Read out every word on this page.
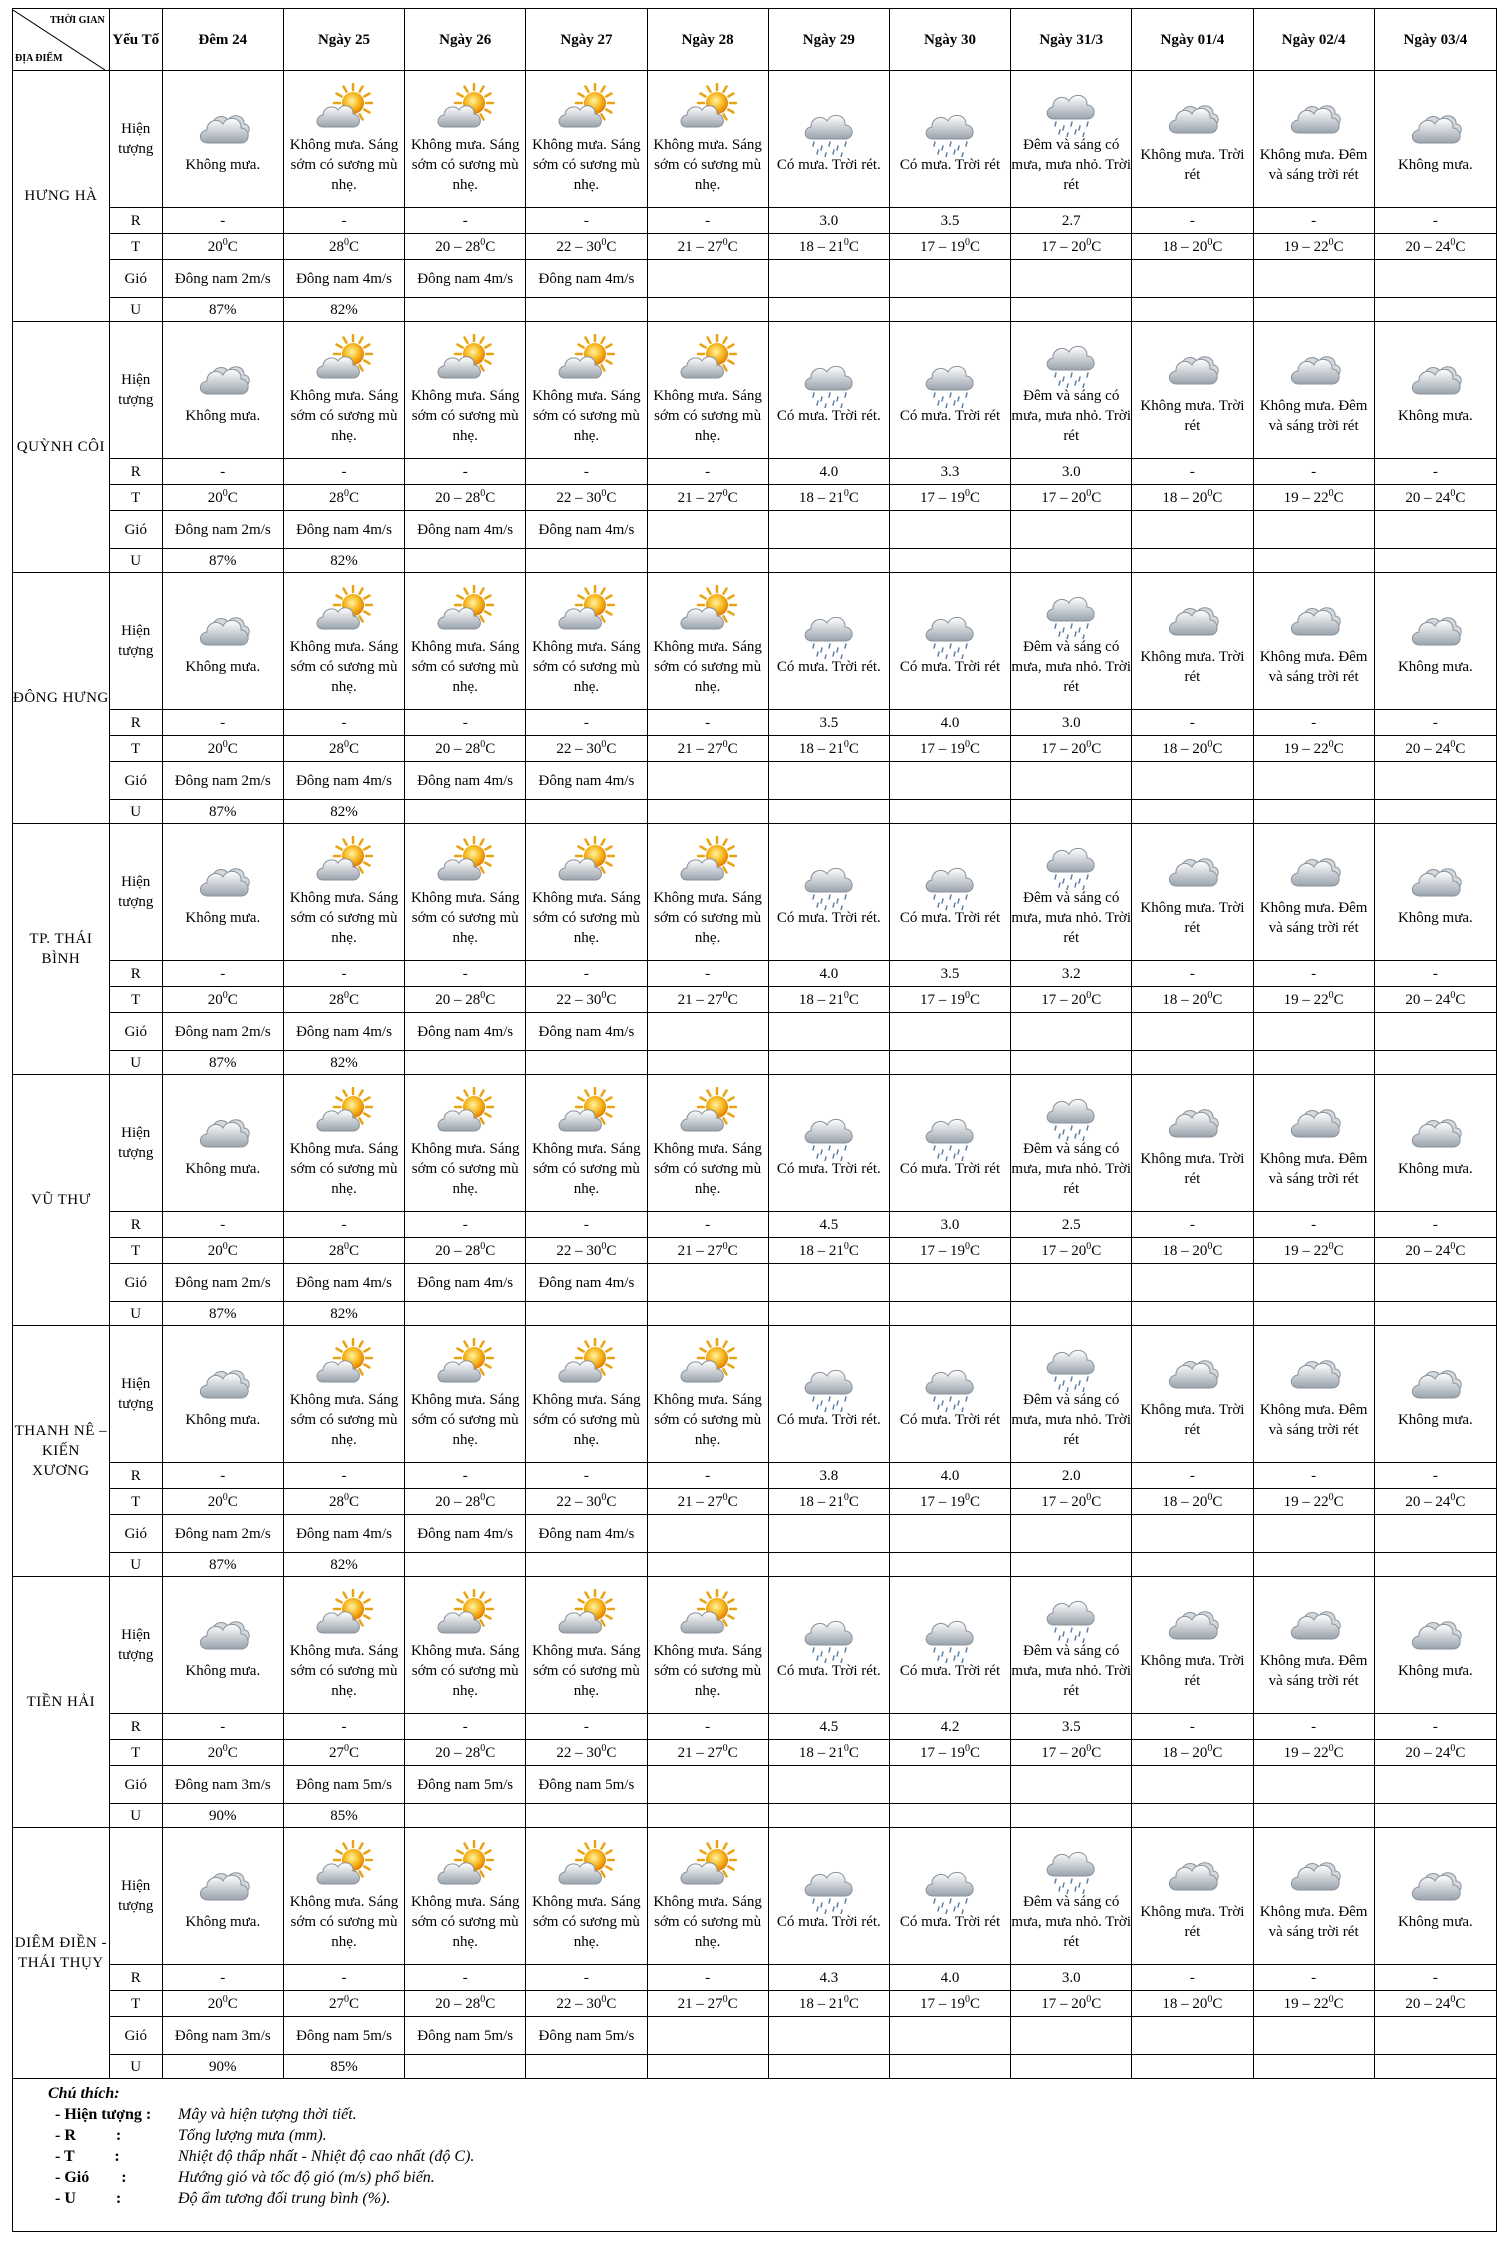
THỜI GIAN
ĐỊA ĐIỂM	Yếu Tố	Đêm 24	Ngày 25	Ngày 26	Ngày 27	Ngày 28	Ngày 29	Ngày 30	Ngày 31/3	Ngày 01/4	Ngày 02/4	Ngày 03/4
HƯNG HÀ	Hiện tượng	Không mưa.	Không mưa. Sáng sớm có sương mù nhẹ.	Không mưa. Sáng sớm có sương mù nhẹ.	Không mưa. Sáng sớm có sương mù nhẹ.	Không mưa. Sáng sớm có sương mù nhẹ.	Có mưa. Trời rét.	Có mưa. Trời rét	Đêm và sáng có mưa, mưa nhỏ. Trời rét	Không mưa. Trời rét	Không mưa. Đêm và sáng trời rét	Không mưa.

	R	-	-	-	-	-	3.0	3.5	2.7	-	-	-
	T	$20^0C$	$28^0C$	$20 - 28^0C$	$22 - 30^0C$	$21 - 27^0C$	$18 - 21^0C$	$17 - 19^0C$	$17 - 20^0C$	$18 - 20^0C$	$19 - 22^0C$	$20 - 24^0C$
	Gió	Đông nam 2m/s	Đông nam 4m/s	Đông nam 4m/s	Đông nam 4m/s							
	U	87%	82%									
QUỲNH CÔI	Hiện tượng	Không mưa.	Không mưa. Sáng sớm có sương mù nhẹ.	Không mưa. Sáng sớm có sương mù nhẹ.	Không mưa. Sáng sớm có sương mù nhẹ.	Không mưa. Sáng sớm có sương mù nhẹ.	Có mưa. Trời rét.	Có mưa. Trời rét	Đêm và sáng có mưa, mưa nhỏ. Trời rét	Không mưa. Trời rét	Không mưa. Đêm và sáng trời rét	Không mưa.

	R	-	-	-	-	-	4.0	3.3	3.0	-	-	-
	T	$20^0C$	$28^0C$	$20 - 28^0C$	$22 - 30^0C$	$21 - 27^0C$	$18 - 21^0C$	$17 - 19^0C$	$17 - 20^0C$	$18 - 20^0C$	$19 - 22^0C$	$20 - 24^0C$
	Gió	Đông nam 2m/s	Đông nam 4m/s	Đông nam 4m/s	Đông nam 4m/s							
	U	87%	82%									
ĐÔNG HƯNG	Hiện tượng	Không mưa.	Không mưa. Sáng sớm có sương mù nhẹ.	Không mưa. Sáng sớm có sương mù nhẹ.	Không mưa. Sáng sớm có sương mù nhẹ.	Không mưa. Sáng sớm có sương mù nhẹ.	Có mưa. Trời rét.	Có mưa. Trời rét	Đêm và sáng có mưa, mưa nhỏ. Trời rét	Không mưa. Trời rét	Không mưa. Đêm và sáng trời rét	Không mưa.

	R	-	-	-	-	-	3.5	4.0	3.0	-	-	-
	T	$20^0C$	$28^0C$	$20 - 28^0C$	$22 - 30^0C$	$21 - 27^0C$	$18 - 21^0C$	$17 - 19^0C$	$17 - 20^0C$	$18 - 20^0C$	$19 - 22^0C$	$20 - 24^0C$
	Gió	Đông nam 2m/s	Đông nam 4m/s	Đông nam 4m/s	Đông nam 4m/s							
	U	87%	82%									
TP. THÁI BÌNH	Hiện tượng	Không mưa.	Không mưa. Sáng sớm có sương mù nhẹ.	Không mưa. Sáng sớm có sương mù nhẹ.	Không mưa. Sáng sớm có sương mù nhẹ.	Không mưa. Sáng sớm có sương mù nhẹ.	Có mưa. Trời rét.	Có mưa. Trời rét	Đêm và sáng có mưa, mưa nhỏ. Trời rét	Không mưa. Trời rét	Không mưa. Đêm và sáng trời rét	Không mưa.

	R	-	-	-	-	-	4.0	3.5	3.2	-	-	-
	T	$20^0C$	$28^0C$	$20 - 28^0C$	$22 - 30^0C$	$21 - 27^0C$	$18 - 21^0C$	$17 - 19^0C$	$17 - 20^0C$	$18 - 20^0C$	$19 - 22^0C$	$20 - 24^0C$
	Gió	Đông nam 2m/s	Đông nam 4m/s	Đông nam 4m/s	Đông nam 4m/s							
	U	87%	82%									
VŨ THƯ	Hiện tượng	Không mưa.	Không mưa. Sáng sớm có sương mù nhẹ.	Không mưa. Sáng sớm có sương mù nhẹ.	Không mưa. Sáng sớm có sương mù nhẹ.	Không mưa. Sáng sớm có sương mù nhẹ.	Có mưa. Trời rét.	Có mưa. Trời rét	Đêm và sáng có mưa, mưa nhỏ. Trời rét	Không mưa. Trời rét	Không mưa. Đêm và sáng trời rét	Không mưa.

	R	-	-	-	-	-	4.5	3.0	2.5	-	-	-
	T	$20^0C$	$28^0C$	$20 - 28^0C$	$22 - 30^0C$	$21 - 27^0C$	$18 - 21^0C$	$17 - 19^0C$	$17 - 20^0C$	$18 - 20^0C$	$19 - 22^0C$	$20 - 24^0C$
	Gió	Đông nam 2m/s	Đông nam 4m/s	Đông nam 4m/s	Đông nam 4m/s							
	U	87%	82%									
THANH NÊ – KIẾN XƯƠNG	Hiện tượng	Không mưa.	Không mưa. Sáng sớm có sương mù nhẹ.	Không mưa. Sáng sớm có sương mù nhẹ.	Không mưa. Sáng sớm có sương mù nhẹ.	Không mưa. Sáng sớm có sương mù nhẹ.	Có mưa. Trời rét.	Có mưa. Trời rét	Đêm và sáng có mưa, mưa nhỏ. Trời rét	Không mưa. Trời rét	Không mưa. Đêm và sáng trời rét	Không mưa.

	R	-	-	-	-	-	3.8	4.0	2.0	-	-	-
	T	$20^0C$	$28^0C$	$20 - 28^0C$	$22 - 30^0C$	$21 - 27^0C$	$18 - 21^0C$	$17 - 19^0C$	$17 - 20^0C$	$18 - 20^0C$	$19 - 22^0C$	$20 - 24^0C$
	Gió	Đông nam 2m/s	Đông nam 4m/s	Đông nam 4m/s	Đông nam 4m/s							
	U	87%	82%									
TIỀN HẢI	Hiện tượng	Không mưa.	Không mưa. Sáng sớm có sương mù nhẹ.	Không mưa. Sáng sớm có sương mù nhẹ.	Không mưa. Sáng sớm có sương mù nhẹ.	Không mưa. Sáng sớm có sương mù nhẹ.	Có mưa. Trời rét.	Có mưa. Trời rét	Đêm và sáng có mưa, mưa nhỏ. Trời rét	Không mưa. Trời rét	Không mưa. Đêm và sáng trời rét	Không mưa.

	R	-	-	-	-	-	4.5	4.2	3.5	-	-	-
	T	$20^0C$	$27^0C$	$20 - 28^0C$	$22 - 30^0C$	$21 - 27^0C$	$18 - 21^0C$	$17 - 19^0C$	$17 - 20^0C$	$18 - 20^0C$	$19 - 22^0C$	$20 - 24^0C$
	Gió	Đông nam 3m/s	Đông nam 5m/s	Đông nam 5m/s	Đông nam 5m/s							
	U	90%	85%									
DIÊM ĐIỀN - THÁI THỤY	Hiện tượng	Không mưa.	Không mưa. Sáng sớm có sương mù nhẹ.	Không mưa. Sáng sớm có sương mù nhẹ.	Không mưa. Sáng sớm có sương mù nhẹ.	Không mưa. Sáng sớm có sương mù nhẹ.	Có mưa. Trời rét.	Có mưa. Trời rét	Đêm và sáng có mưa, mưa nhỏ. Trời rét	Không mưa. Trời rét	Không mưa. Đêm và sáng trời rét	Không mưa.

	R	-	-	-	-	-	4.3	4.0	3.0	-	-	-
	T	$20^0C$	$27^0C$	$20 - 28^0C$	$22 - 30^0C$	$21 - 27^0C$	$18 - 21^0C$	$17 - 19^0C$	$17 - 20^0C$	$18 - 20^0C$	$19 - 22^0C$	$20 - 24^0C$
	Gió	Đông nam 3m/s	Đông nam 5m/s	Đông nam 5m/s	Đông nam 5m/s							
	U	90%	85%									
Chú thích:
- Hiện tượng : Mây và hiện tượng thời tiết.
- R          :	Tổng lượng mưa (mm).
- T          :	Nhiệt độ thấp nhất - Nhiệt độ cao nhất (độ C).
- Gió        :	Hướng gió và tốc độ gió (m/s) phổ biến.
- U          :	Độ ẩm tương đối trung bình (%).
